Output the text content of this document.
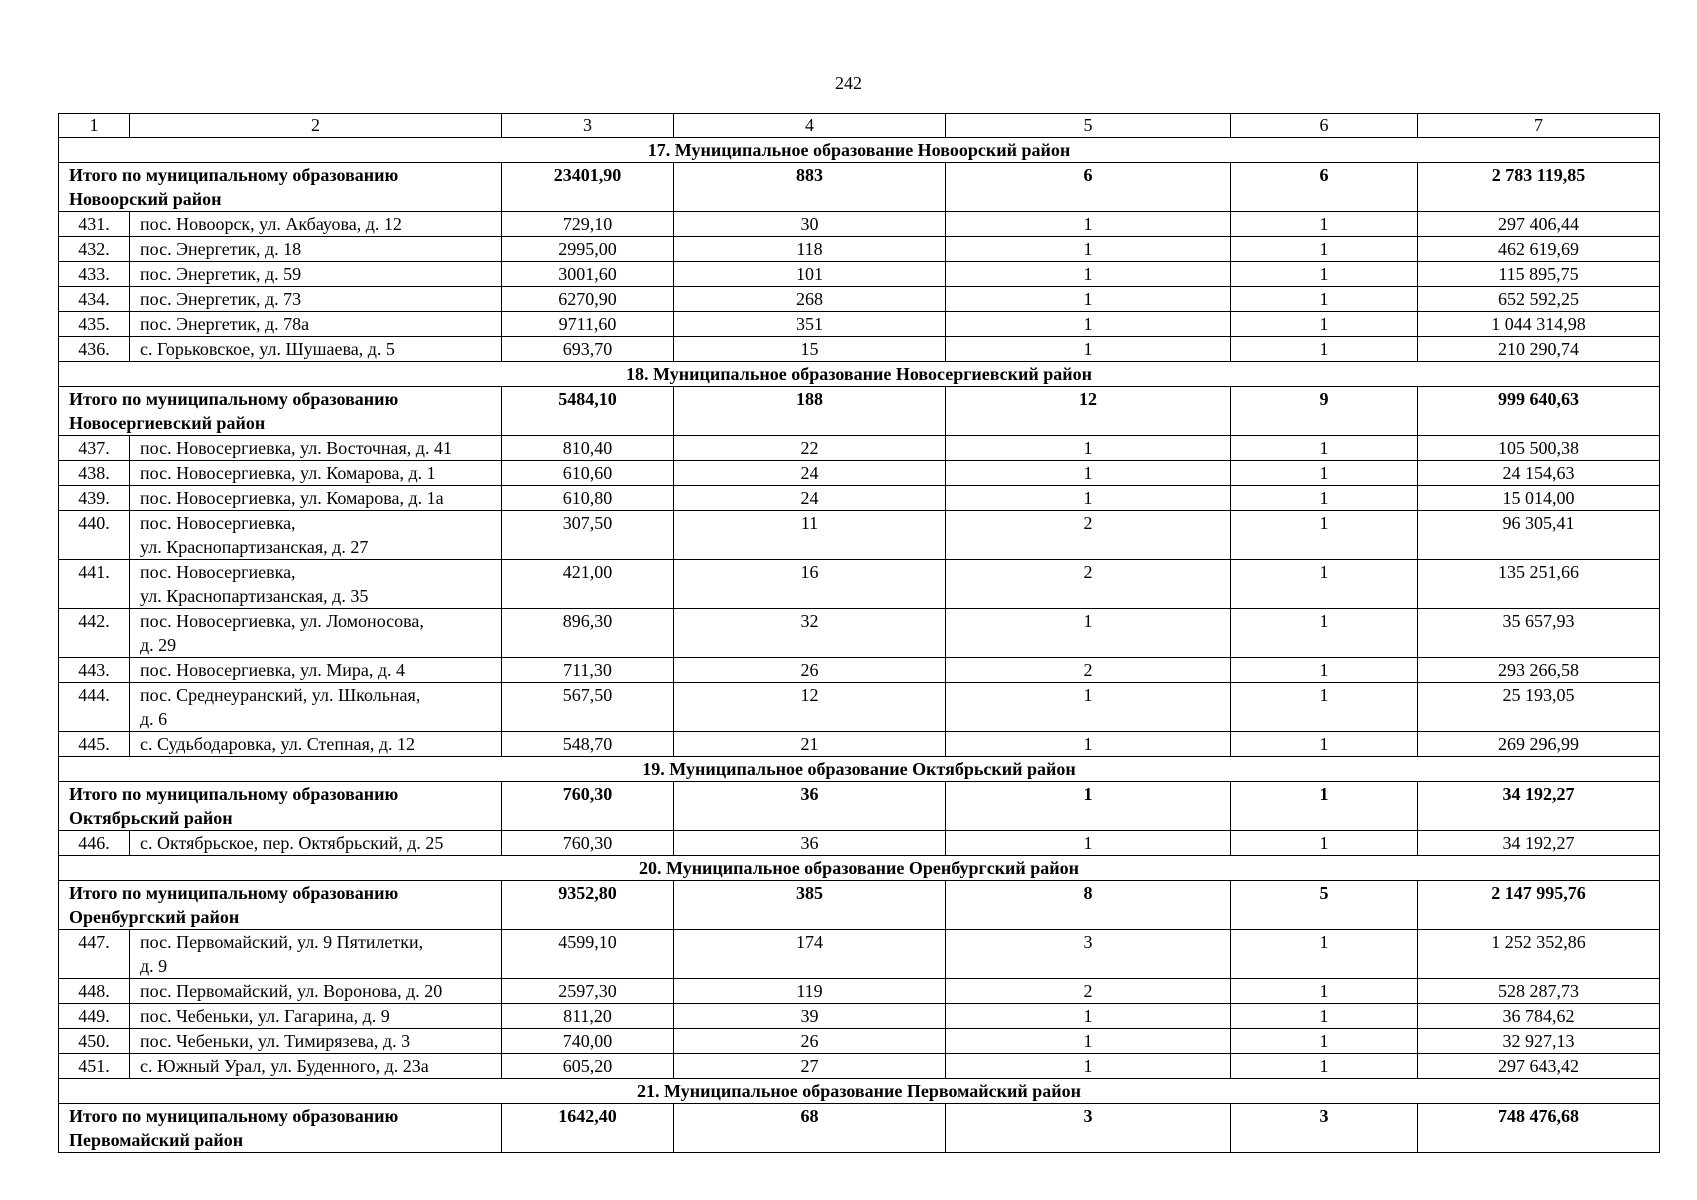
242
1	2	3	4	5	6	7
17. Муниципальное образование Новоорский район						

Итого по муниципальному образованию
Новоорский район		23401,90	883	6	6	2 783 119,85
431.	пос. Новоорск, ул. Акбауова, д. 12	729,10	30	1	1	297 406,44
432.	пос. Энергетик, д. 18	2995,00	118	1	1	462 619,69
433.	пос. Энергетик, д. 59	3001,60	101	1	1	115 895,75
434.	пос. Энергетик, д. 73	6270,90	268	1	1	652 592,25
435.	пос. Энергетик, д. 78а	9711,60	351	1	1	1 044 314,98
436.	с. Горьковское, ул. Шушаева, д. 5	693,70	15	1	1	210 290,74
18. Муниципальное образование Новосергиевский район						

Итого по муниципальному образованию
Новосергиевский район		5484,10	188	12	9	999 640,63
437.	пос. Новосергиевка, ул. Восточная, д. 41	810,40	22	1	1	105 500,38
438.	пос. Новосергиевка, ул. Комарова, д. 1	610,60	24	1	1	24 154,63
439.	пос. Новосергиевка, ул. Комарова, д. 1а	610,80	24	1	1	15 014,00
440.	пос. Новосергиевка,
ул. Краснопартизанская, д. 27	307,50	11	2	1	96 305,41
441.	пос. Новосергиевка,
ул. Краснопартизанская, д. 35	421,00	16	2	1	135 251,66
442.	пос. Новосергиевка, ул. Ломоносова,
д. 29	896,30	32	1	1	35 657,93
443.	пос. Новосергиевка, ул. Мира, д. 4	711,30	26	2	1	293 266,58
444.	пос. Среднеуранский, ул. Школьная,
д. 6	567,50	12	1	1	25 193,05
445.	с. Судьбодаровка, ул. Степная, д. 12	548,70	21	1	1	269 296,99
19. Муниципальное образование Октябрьский район						

Итого по муниципальному образованию
Октябрьский район		760,30	36	1	1	34 192,27
446.	с. Октябрьское, пер. Октябрьский, д. 25	760,30	36	1	1	34 192,27
20. Муниципальное образование Оренбургский район						

Итого по муниципальному образованию
Оренбургский район		9352,80	385	8	5	2 147 995,76
447.	пос. Первомайский, ул. 9 Пятилетки,
д. 9	4599,10	174	3	1	1 252 352,86
448.	пос. Первомайский, ул. Воронова, д. 20	2597,30	119	2	1	528 287,73
449.	пос. Чебеньки, ул. Гагарина, д. 9	811,20	39	1	1	36 784,62
450.	пос. Чебеньки, ул. Тимирязева, д. 3	740,00	26	1	1	32 927,13
451.	с. Южный Урал, ул. Буденного, д. 23а	605,20	27	1	1	297 643,42
21. Муниципальное образование Первомайский район						

Итого по муниципальному образованию
Первомайский район		1642,40	68	3	3	748 476,68
